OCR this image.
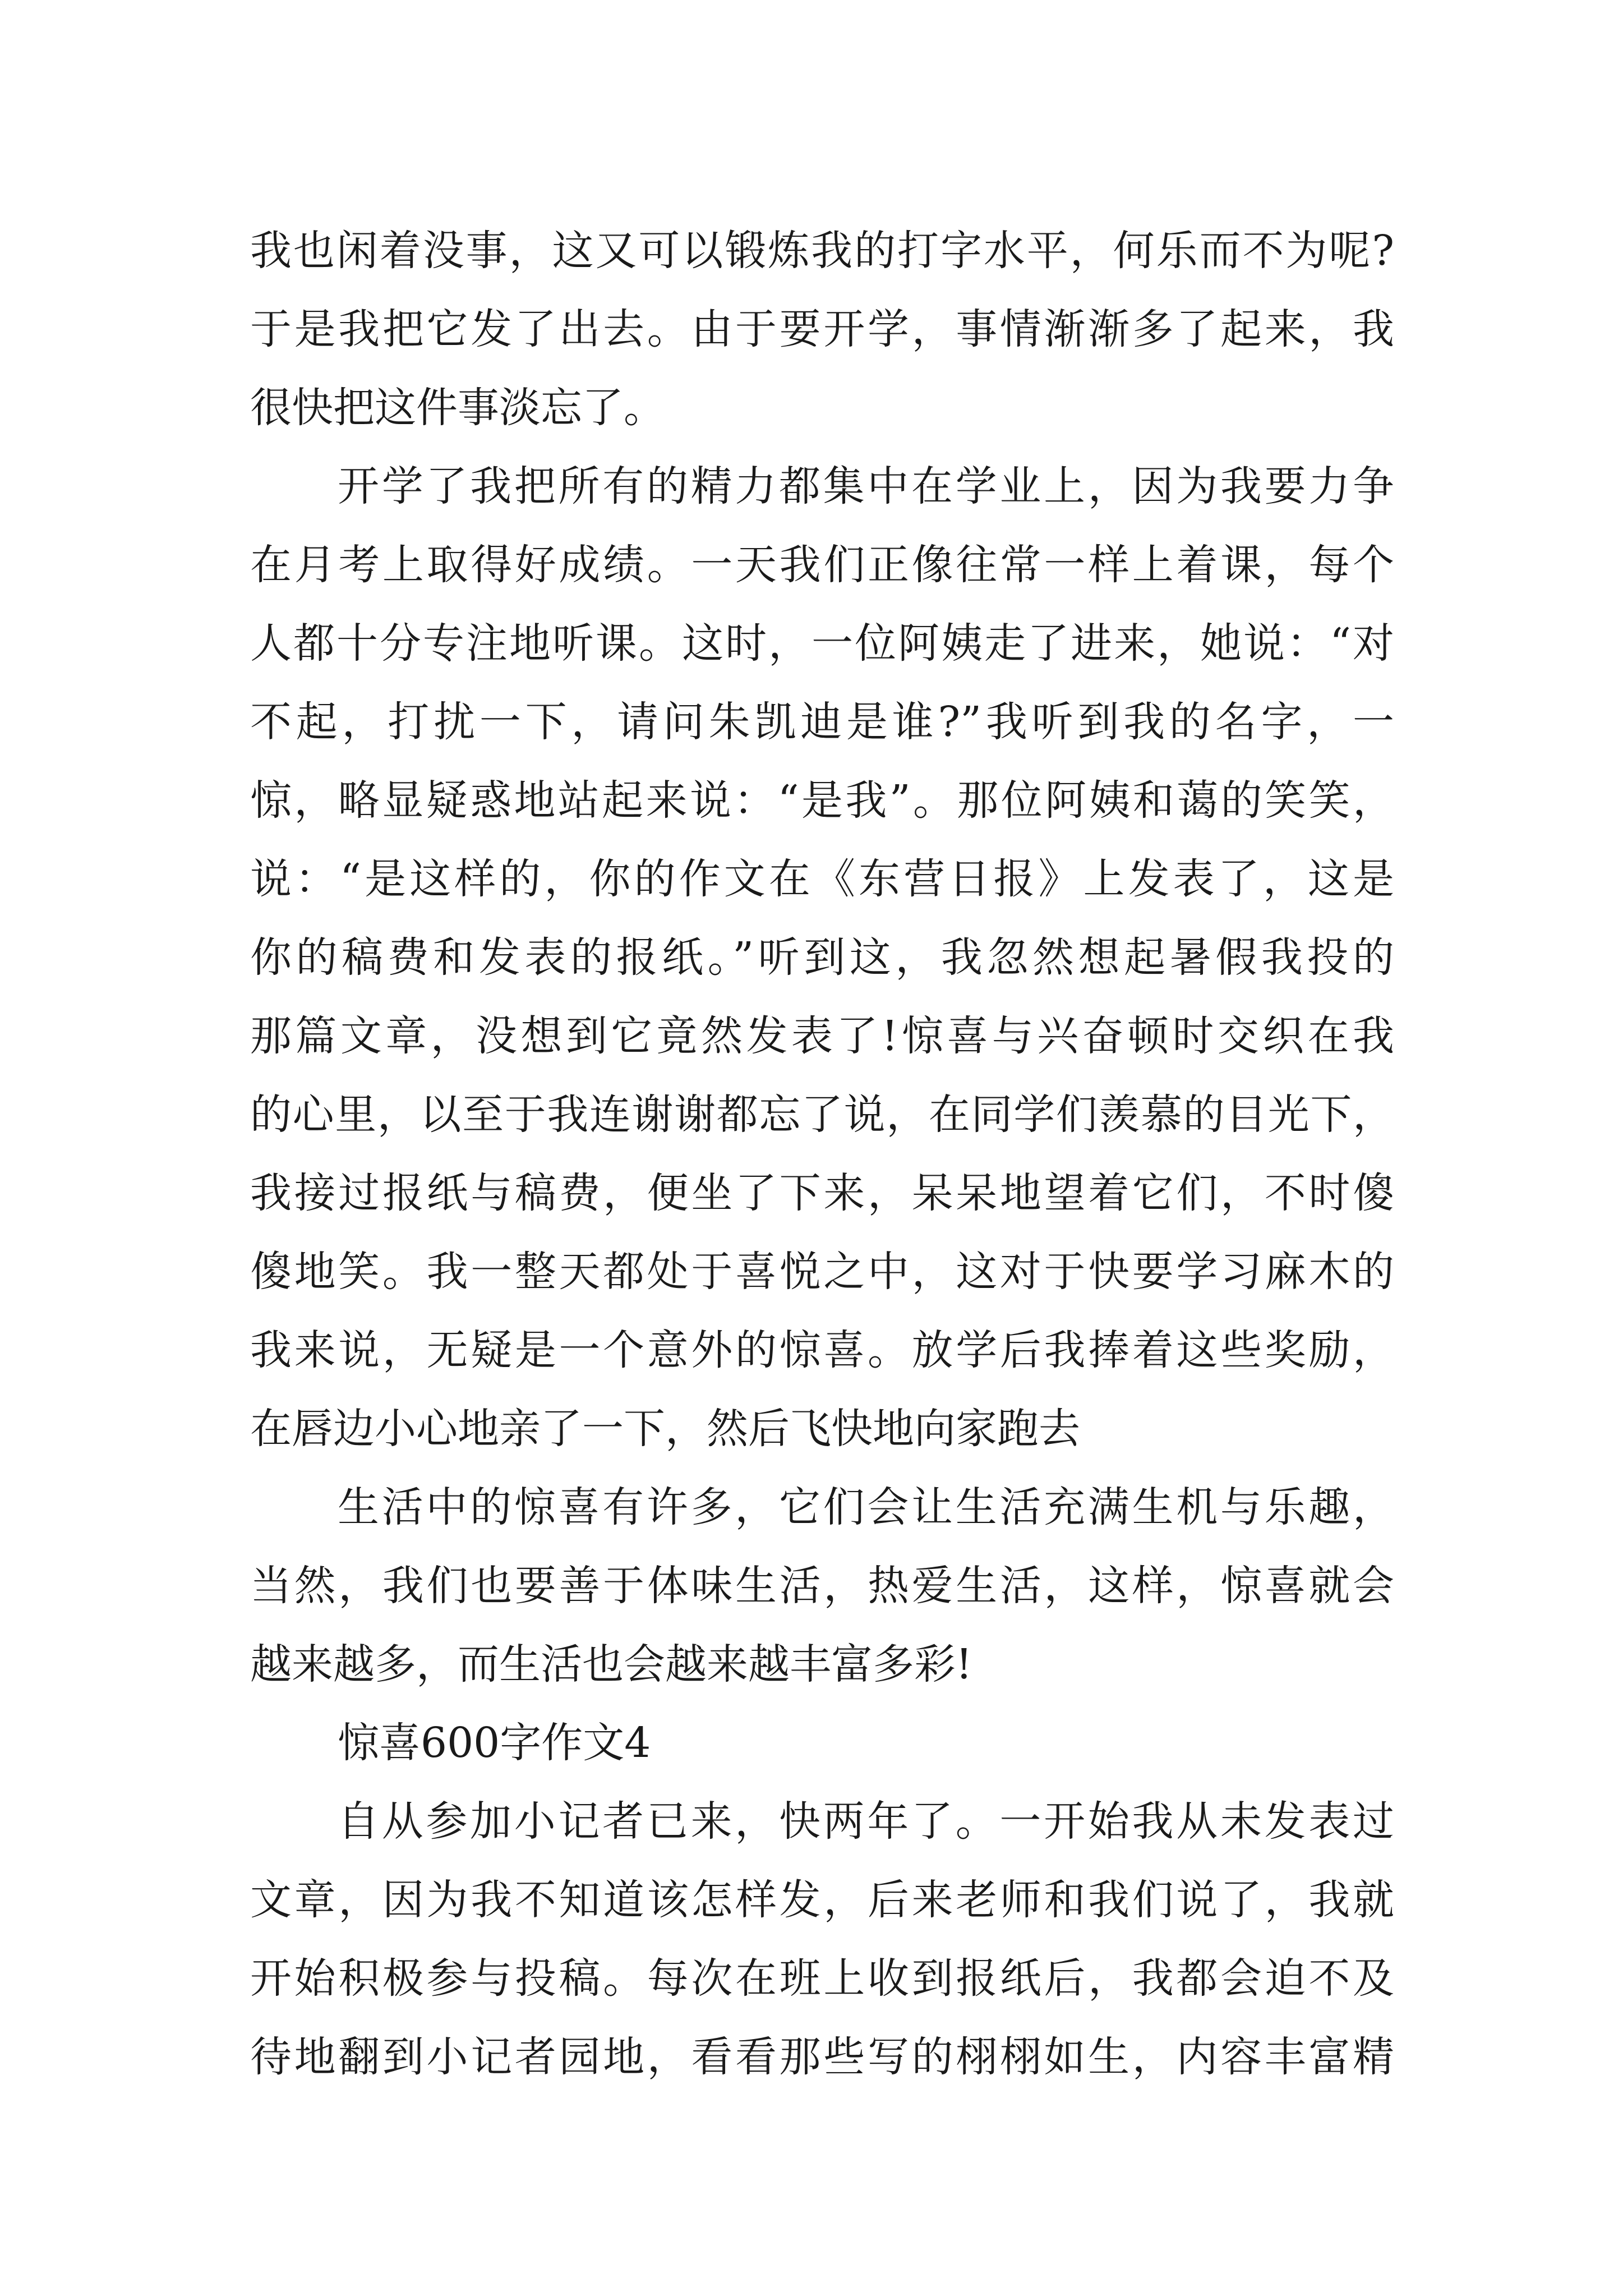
我也闲着没事，这又可以锻炼我的打字水平，何乐而不为呢?
于是我把它发了出去。由于要开学，事情渐渐多了起来，我
很快把这件事淡忘了。
开学了我把所有的精力都集中在学业上，因为我要力争
在月考上取得好成绩。一天我们正像往常一样上着课，每个
人都十分专注地听课。这时，一位阿姨走了进来，她说：“对
不起，打扰一下，请问朱凯迪是谁?”我听到我的名字，一
惊，略显疑惑地站起来说：“是我”。那位阿姨和蔼的笑笑，
说：“是这样的，你的作文在《东营日报》上发表了，这是
你的稿费和发表的报纸。”听到这，我忽然想起暑假我投的
那篇文章，没想到它竟然发表了!惊喜与兴奋顿时交织在我
的心里，以至于我连谢谢都忘了说，在同学们羡慕的目光下，
我接过报纸与稿费，便坐了下来，呆呆地望着它们，不时傻
傻地笑。我一整天都处于喜悦之中，这对于快要学习麻木的
我来说，无疑是一个意外的惊喜。放学后我捧着这些奖励，
在唇边小心地亲了一下，然后飞快地向家跑去
生活中的惊喜有许多，它们会让生活充满生机与乐趣，
当然，我们也要善于体味生活，热爱生活，这样，惊喜就会
越来越多，而生活也会越来越丰富多彩!
惊喜600字作文4
自从参加小记者已来，快两年了。一开始我从未发表过
文章，因为我不知道该怎样发，后来老师和我们说了，我就
开始积极参与投稿。每次在班上收到报纸后，我都会迫不及
待地翻到小记者园地，看看那些写的栩栩如生，内容丰富精
